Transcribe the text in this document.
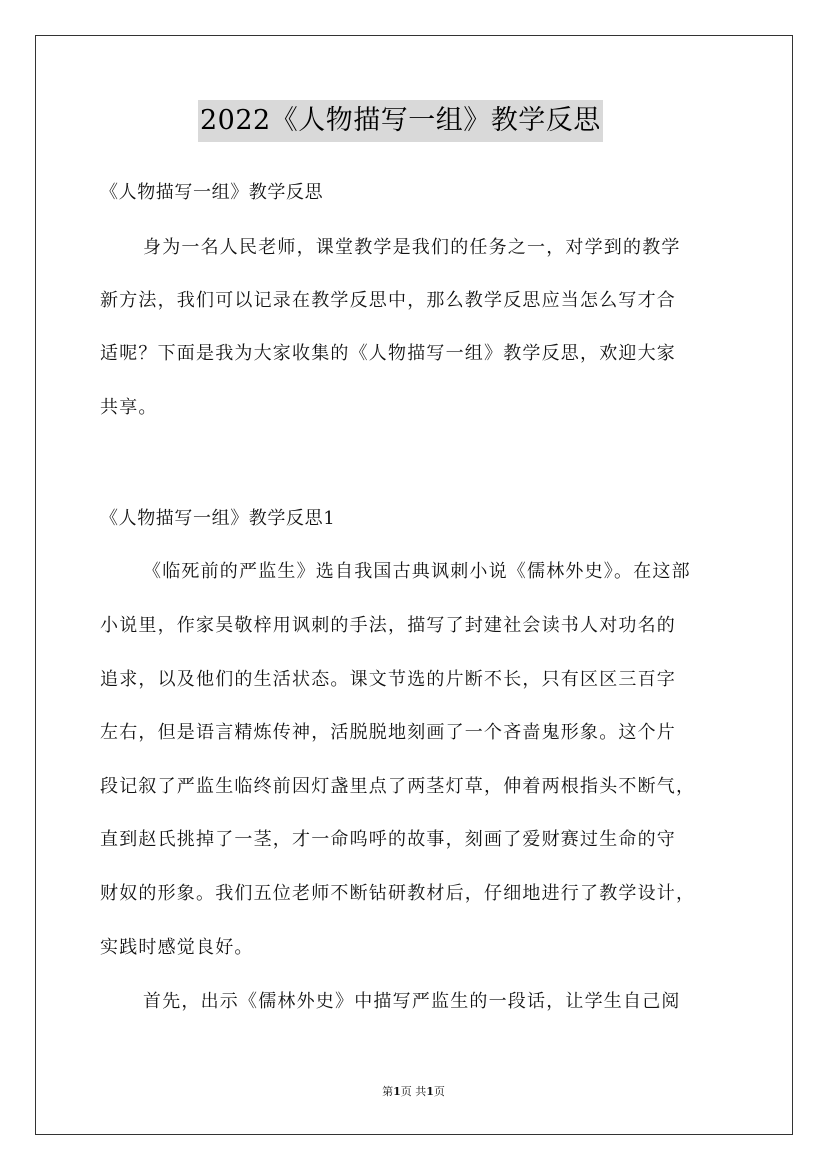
2022《人物描写一组》教学反思
《人物描写一组》教学反思
身为一名人民老师，课堂教学是我们的任务之一，对学到的教学
新方法，我们可以记录在教学反思中，那么教学反思应当怎么写才合
适呢？下面是我为大家收集的《人物描写一组》教学反思，欢迎大家
共享。
《人物描写一组》教学反思1
《临死前的严监生》选自我国古典讽刺小说《儒林外史》。在这部
小说里，作家吴敬梓用讽刺的手法，描写了封建社会读书人对功名的
追求，以及他们的生活状态。课文节选的片断不长，只有区区三百字
左右，但是语言精炼传神，活脱脱地刻画了一个吝啬鬼形象。这个片
段记叙了严监生临终前因灯盏里点了两茎灯草，伸着两根指头不断气，
直到赵氏挑掉了一茎，才一命呜呼的故事，刻画了爱财赛过生命的守
财奴的形象。我们五位老师不断钻研教材后，仔细地进行了教学设计，
实践时感觉良好。
首先，出示《儒林外史》中描写严监生的一段话，让学生自己阅
第1页 共1页
